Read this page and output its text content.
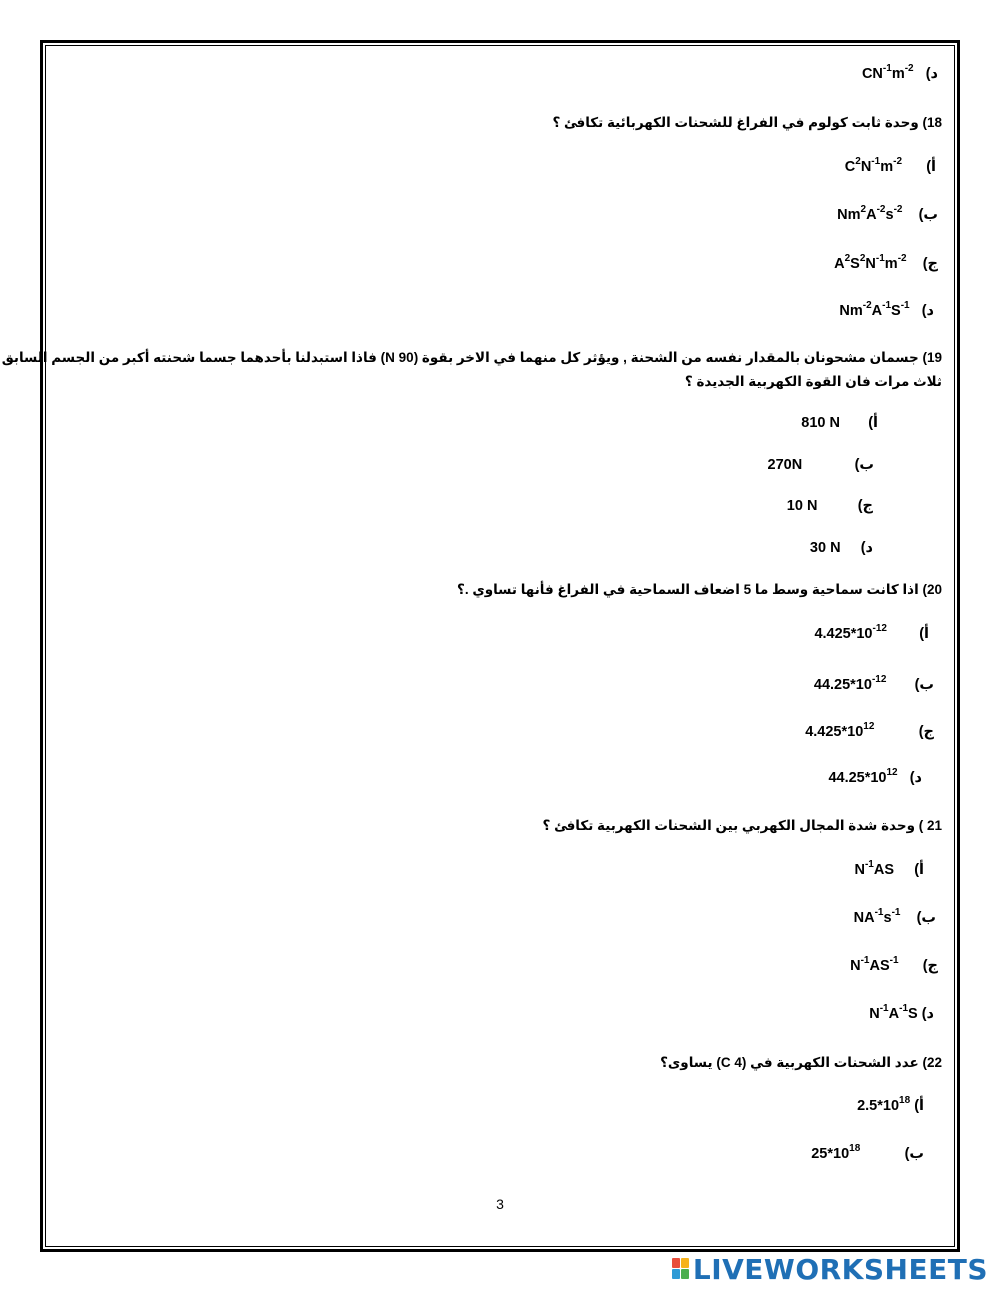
د)   $CN^{-1}m^{-2}$
18) وحدة ثابت كولوم في الفراغ للشحنات الكهربائية تكافئ ؟
أ)      $C^2N^{-1}m^{-2}$
ب)    $Nm^2A^{-2}s^{-2}$
ج)    $A^2S^2N^{-1}m^{-2}$
د)   $Nm^{-2}A^{-1}S^{-1}$
19) جسمان مشحونان بالمقدار نفسه من الشحنة , ويؤثر كل منهما في الاخر بقوة (90 N) فاذا استبدلنا بأحدهما جسما شحنته أكبر من الجسم السابق
ثلاث مرات فان القوة الكهربية الجديدة ؟
أ)       810 N
ب)             270N
ج)          10 N
د)     30 N
20) اذا كانت سماحية وسط ما 5 اضعاف السماحية في الفراغ فأنها تساوي .؟
أ)        $4.425*10^{-12}$
ب)       $44.25*10^{-12}$
ج)           $4.425*10^{12}$
د)   $44.25*10^{12}$
21 ) وحدة شدة المجال الكهربي بين الشحنات الكهربية تكافئ ؟
أ)     $N^{-1}AS$
ب)    $NA^{-1}s^{-1}$
ج)      $N^{-1}AS^{-1}$
د) $N^{-1}A^{-1}S$
22) عدد الشحنات الكهربية في (4 C) يساوى؟
أ) $2.5*10^{18}$
ب)           $25*10^{18}$
3
LIVEWORKSHEETS
